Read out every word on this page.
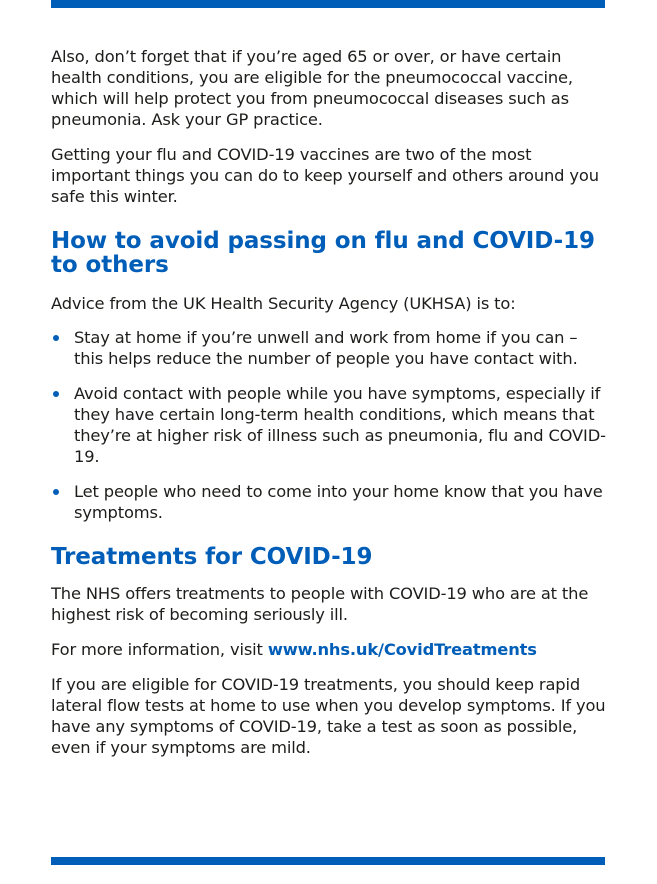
Also, don’t forget that if you’re aged 65 or over, or have certain health conditions, you are eligible for the pneumococcal vaccine, which will help protect you from pneumococcal diseases such as pneumonia. Ask your GP practice.

Getting your flu and COVID-19 vaccines are two of the most important things you can do to keep yourself and others around you safe this winter.

How to avoid passing on flu and COVID-19 to others

Advice from the UK Health Security Agency (UKHSA) is to:

Stay at home if you’re unwell and work from home if you can – this helps reduce the number of people you have contact with.
Avoid contact with people while you have symptoms, especially if they have certain long-term health conditions, which means that they’re at higher risk of illness such as pneumonia, flu and COVID-19.
Let people who need to come into your home know that you have symptoms.
Treatments for COVID-19

The NHS offers treatments to people with COVID-19 who are at the highest risk of becoming seriously ill.

For more information, visit www.nhs.uk/CovidTreatments

If you are eligible for COVID-19 treatments, you should keep rapid lateral flow tests at home to use when you develop symptoms. If you have any symptoms of COVID-19, take a test as soon as possible, even if your symptoms are mild.
